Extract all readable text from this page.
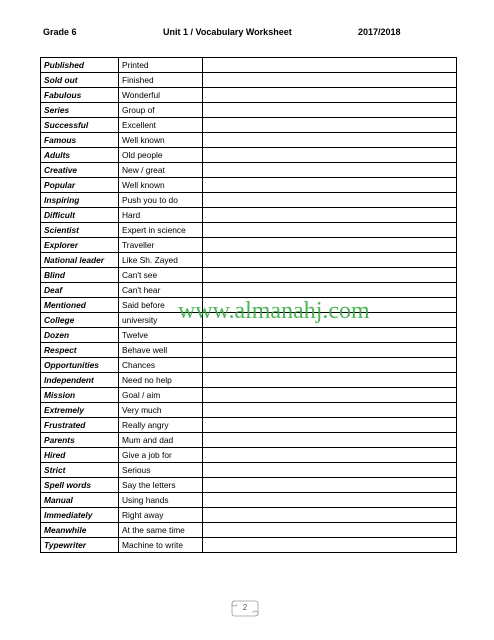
Grade 6	Unit 1 / Vocabulary Worksheet	2017/2018
Published	Printed	
Sold out	Finished	
Fabulous	Wonderful	
Series	Group of	
Successful	Excellent	
Famous	Well known	
Adults	Old people	
Creative	New / great	
Popular	Well known	
Inspiring	Push you to do	
Difficult	Hard	
Scientist	Expert in science	
Explorer	Traveller	
National leader	Like Sh. Zayed	
Blind	Can't see	
Deaf	Can't hear	
Mentioned	Said before	
College	university	
Dozen	Twelve	
Respect	Behave well	
Opportunities	Chances	
Independent	Need no help	
Mission	Goal / aim	
Extremely	Very much	
Frustrated	Really angry	
Parents	Mum and dad	
Hired	Give a job for	
Strict	Serious	
Spell words	Say the letters	
Manual	Using hands	
Immediately	Right away	
Meanwhile	At the same time	
Typewriter	Machine to write	
www.almanahj.com
2
